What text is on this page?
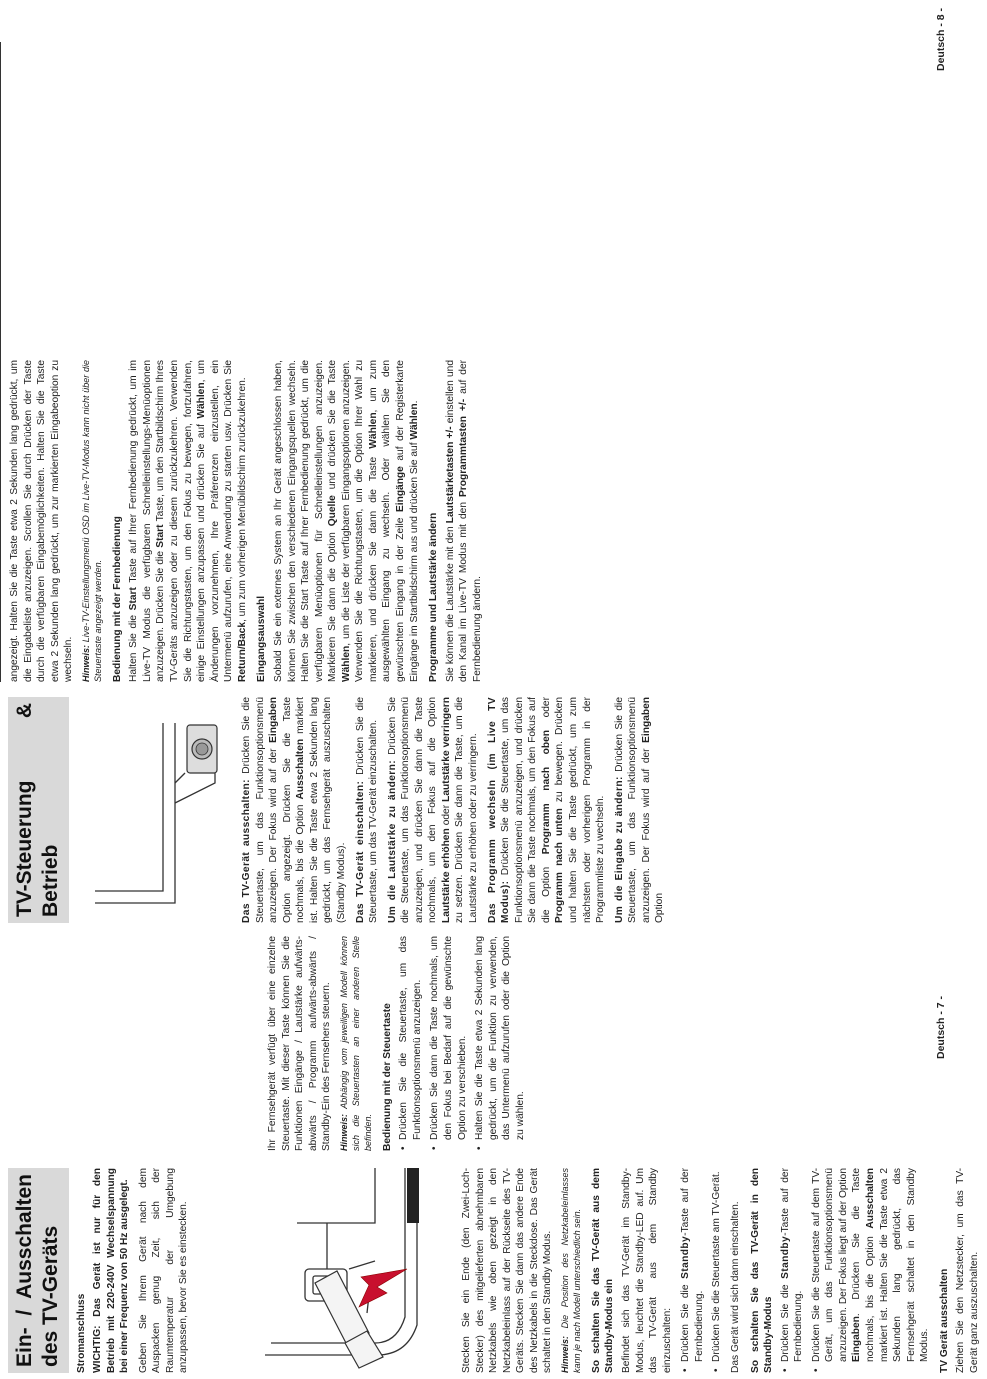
Ein- / Ausschalten des TV-Geräts	Stromanschluss WICHTIG: Das Gerät ist nur für den Betrieb mit 220-240V Wechselspannung bei einer Frequenz von 50 Hz ausgelegt. Geben Sie Ihrem Gerät nach dem Auspacken genug Zeit, sich der Raumtemperatur der Umgebung anzupassen, bevor Sie es einstecken.	Stecken Sie ein Ende (den Zwei-Loch-Stecker) des mitgelieferten abnehmbaren Netzkabels wie oben gezeigt in den Netzkabeleinlass auf der Rückseite des TV-Geräts. Stecken Sie dann das andere Ende des Netzkabels in die Steckdose. Das Gerät schaltet in den Standby Modus. Hinweis: Die Position des Netzkabeleinlasses kann je nach Modell unterschiedlich sein. So schalten Sie das TV-Gerät aus dem Standby-Modus ein Befindet sich das TV-Gerät im Standby-Modus, leuchtet die Standby-LED auf. Um das TV-Gerät aus dem Standby einzuschalten: • Drücken Sie die Standby-Taste auf der Fernbedienung. • Drücken Sie die Steuertaste am TV-Gerät. Das Gerät wird sich dann einschalten. So schalten Sie das TV-Gerät in den Standby-Modus • Drücken Sie die Standby-Taste auf der Fernbedienung. • Drücken Sie die Steuertaste auf dem TV-Gerät, um das Funktionsoptionsmenü anzuzeigen. Der Fokus liegt auf der Option Eingaben. Drücken Sie die Taste nochmals, bis die Option Ausschalten markiert ist. Halten Sie die Taste etwa 2 Sekunden lang gedrückt, das Fernsehgerät schaltet in den Standby Modus. TV Gerät ausschalten Ziehen Sie den Netzstecker, um das TV-Gerät ganz auszuschalten.

Ihr Fernsehgerät verfügt über eine einzelne Steuertaste. Mit dieser Taste können Sie die Funktionen Eingänge / Lautstärke aufwärts-abwärts / Programm aufwärts-abwärts / Standby-Ein des Fernsehers steuern. Hinweis: Abhängig vom jeweiligen Modell können sich die Steuertasten an einer anderen Stelle befinden. Bedienung mit der Steuertaste • Drücken Sie die Steuertaste, um das Funktionsoptionsmenü anzuzeigen. • Drücken Sie dann die Taste nochmals, um den Fokus bei Bedarf auf die gewünschte Option zu verschieben. • Halten Sie die Taste etwa 2 Sekunden lang gedrückt, um die Funktion zu verwenden, das Untermenü aufzurufen oder die Option zu wählen.
TV-Steuerung & Betrieb	Das TV-Gerät ausschalten: Drücken Sie die Steuertaste, um das Funktionsoptionsmenü anzuzeigen. Der Fokus wird auf der Eingaben Option angezeigt. Drücken Sie die Taste nochmals, bis die Option Ausschalten markiert ist. Halten Sie die Taste etwa 2 Sekunden lang gedrückt, um das Fernsehgerät auszuschalten (Standby Modus). Das TV-Gerät einschalten: Drücken Sie die Steuertaste, um das TV-Gerät einzuschalten. Um die Lautstärke zu ändern: Drücken Sie die Steuertaste, um das Funktionsoptionsmenü anzuzeigen, und drücken Sie dann die Taste nochmals, um den Fokus auf die Option Lautstärke erhöhen oder Lautstärke verringern zu setzen. Drücken Sie dann die Taste, um die Lautstärke zu erhöhen oder zu verringern. Das Programm wechseln (im Live TV Modus): Drücken Sie die Steuertaste, um das Funktionsoptionsmenü anzuzeigen, und drücken Sie dann die Taste nochmals, um den Fokus auf die Option Programm nach oben oder Programm nach unten zu bewegen. Drücken und halten Sie die Taste gedrückt, um zum nächsten oder vorherigen Programm in der Programmliste zu wechseln. Um die Eingabe zu ändern: Drücken Sie die Steuertaste, um das Funktionsoptionsmenü anzuzeigen. Der Fokus wird auf der Eingaben Option

Deutsch - 7 -

angezeigt. Halten Sie die Taste etwa 2 Sekunden lang gedrückt, um die Eingabeliste anzuzeigen. Scrollen Sie durch Drücken der Taste durch die verfügbaren Eingabemöglichkeiten. Halten Sie die Taste etwa 2 Sekunden lang gedrückt, um zur markierten Eingabeoption zu wechseln. Hinweis: Live-TV-Einstellungsmenü OSD im Live-TV-Modus kann nicht über die Steuertaste angezeigt werden. Bedienung mit der Fernbedienung Halten Sie die Start Taste auf Ihrer Fernbedienung gedrückt, um im Live-TV Modus die verfügbaren Schnelleinstellungs-Menüoptionen anzuzeigen. Drücken Sie die Start Taste, um den Startbildschirm Ihres TV-Geräts anzuzeigen oder zu diesem zurückzukehren. Verwenden Sie die Richtungstasten, um den Fokus zu bewegen, fortzufahren, einige Einstellungen anzupassen und drücken Sie auf Wählen, um Änderungen vorzunehmen, Ihre Präferenzen einzustellen, ein Untermenü aufzurufen, eine Anwendung zu starten usw. Drücken Sie Return/Back, um zum vorherigen Menübildschirm zurückzukehren.

Eingangsauswahl Sobald Sie ein externes System an Ihr Gerät angeschlossen haben, können Sie zwischen den verschiedenen Eingangsquellen wechseln. Halten Sie die Start Taste auf Ihrer Fernbedienung gedrückt, um die verfügbaren Menüoptionen für Schnelleinstellungen anzuzeigen. Markieren Sie dann die Option Quelle und drücken Sie die Taste Wählen, um die Liste der verfügbaren Eingangsoptionen anzuzeigen. Verwenden Sie die Richtungstasten, um die Option Ihrer Wahl zu markieren, und drücken Sie dann die Taste Wählen, um zum ausgewählten Eingang zu wechseln. Oder wählen Sie den gewünschten Eingang in der Zeile Eingänge auf der Registerkarte Eingänge im Startbildschirm aus und drücken Sie auf Wählen.

Programme und Lautstärke ändern Sie können die Lautstärke mit den Lautstärketasten +/- einstellen und den Kanal im Live-TV Modus mit den Programmtasten +/- auf der Fernbedienung ändern.

Deutsch - 8 -
